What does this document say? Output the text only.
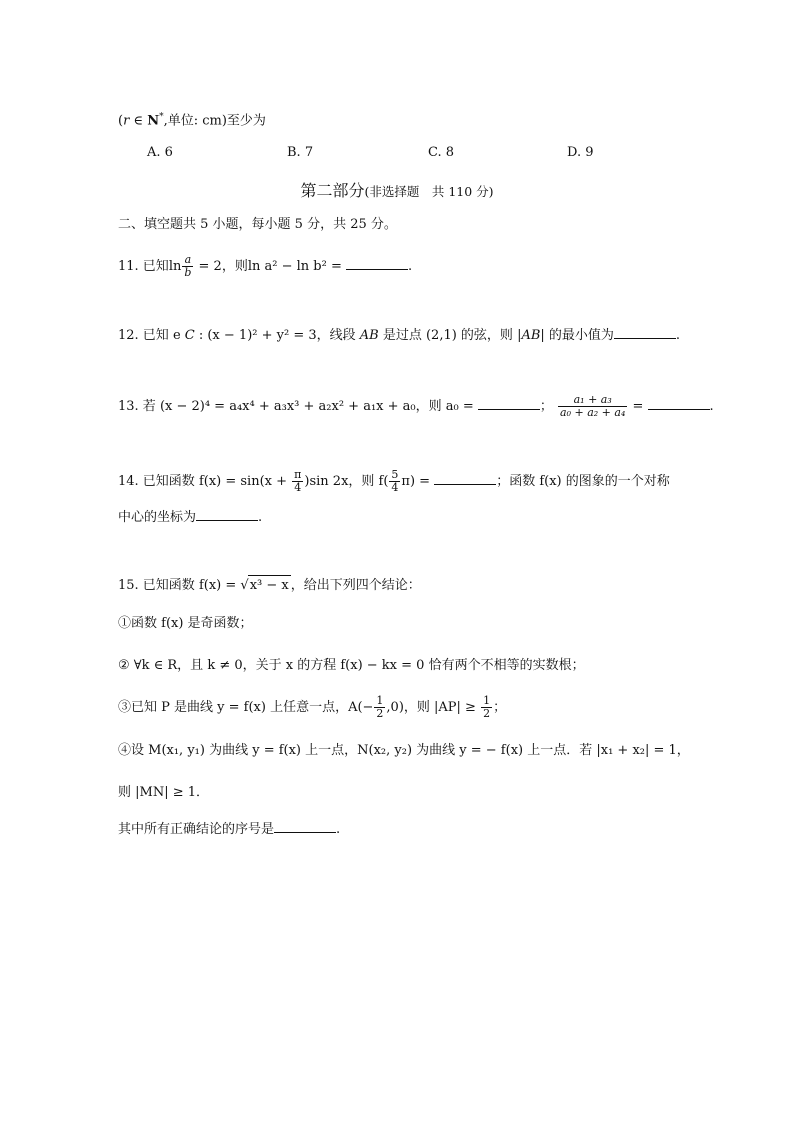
(r ∈ N*,单位: cm)至少为
A. 6	B. 7	C. 8	D. 9
第二部分(非选择题　共 110 分)
二、填空题共 5 小题，每小题 5 分，共 25 分。
11. 已知$\ln \frac{a}{b} = 2$，则ln a² − ln b² =	.
12. 已知 e C : (x − 1)² + y² = 3，线段 AB 是过点 (2,1) 的弦，则 |AB| 的最小值为	.
13. 若 (x − 2)⁴ = a₄x⁴ + a₃x³ + a₂x² + a₁x + a₀，则 a₀ =	； $\frac{\text{a₁ + a₃}}{\text{a₀ + a₂ + a₄}}$ =	.
14. 已知函数 $f(x) = \sin(x + \frac{\pi}{4} )\sin$ 2x，则 $f( \frac{5}{4} \pi)$ =	；函数 f(x) 的图象的一个对称
中心的坐标为	.
15. 已知函数 f(x) = √x³ − x ，给出下列四个结论：
①函数 f(x) 是奇函数；
② ∀k ∈ R，且 k ≠ 0，关于 x 的方程 f(x) − kx = 0 恰有两个不相等的实数根；
③已知 P 是曲线 y = f(x) 上任意一点，$A(- \frac{1}{2} ,0)$，则 $|AP| \ge \frac{1}{2}$ ；
④设 M(x₁, y₁) 为曲线 y = f(x) 上一点，N(x₂, y₂) 为曲线 y = − f(x) 上一点．若 |x₁ + x₂| = 1，
则 |MN| ≥ 1．
其中所有正确结论的序号是	.
